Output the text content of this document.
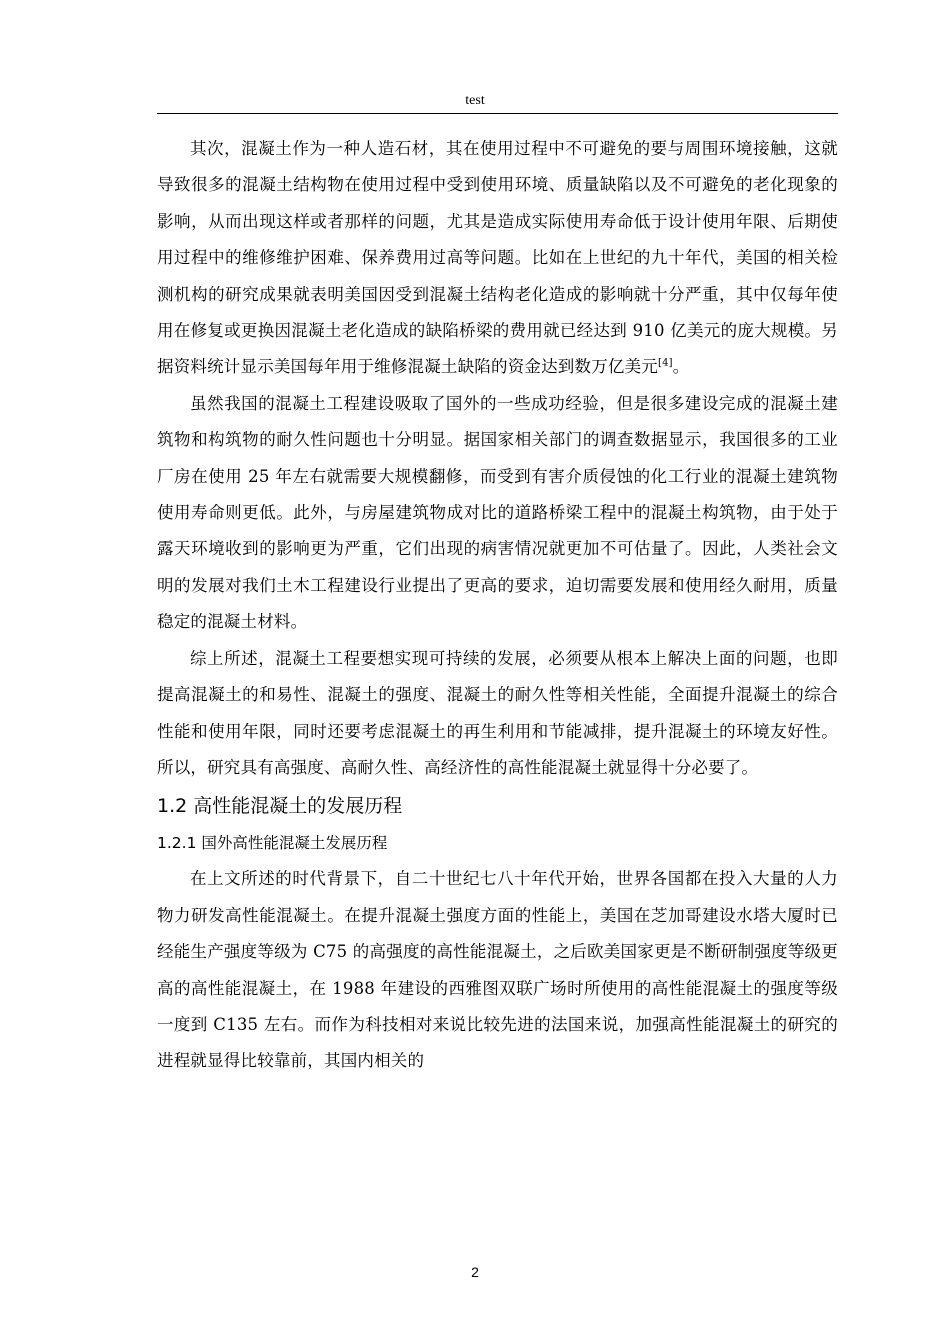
test

其次，混凝土作为一种人造石材，其在使用过程中不可避免的要与周围环境接触，这就导致很多的混凝土结构物在使用过程中受到使用环境、质量缺陷以及不可避免的老化现象的影响，从而出现这样或者那样的问题，尤其是造成实际使用寿命低于设计使用年限、后期使用过程中的维修维护困难、保养费用过高等问题。比如在上世纪的九十年代，美国的相关检测机构的研究成果就表明美国因受到混凝土结构老化造成的影响就十分严重，其中仅每年使用在修复或更换因混凝土老化造成的缺陷桥梁的费用就已经达到 910 亿美元的庞大规模。另据资料统计显示美国每年用于维修混凝土缺陷的资金达到数万亿美元[4]。

虽然我国的混凝土工程建设吸取了国外的一些成功经验，但是很多建设完成的混凝土建筑物和构筑物的耐久性问题也十分明显。据国家相关部门的调查数据显示，我国很多的工业厂房在使用 25 年左右就需要大规模翻修，而受到有害介质侵蚀的化工行业的混凝土建筑物使用寿命则更低。此外，与房屋建筑物成对比的道路桥梁工程中的混凝土构筑物，由于处于露天环境收到的影响更为严重，它们出现的病害情况就更加不可估量了。因此，人类社会文明的发展对我们土木工程建设行业提出了更高的要求，迫切需要发展和使用经久耐用，质量稳定的混凝土材料。

综上所述，混凝土工程要想实现可持续的发展，必须要从根本上解决上面的问题，也即提高混凝土的和易性、混凝土的强度、混凝土的耐久性等相关性能，全面提升混凝土的综合性能和使用年限，同时还要考虑混凝土的再生利用和节能减排，提升混凝土的环境友好性。所以，研究具有高强度、高耐久性、高经济性的高性能混凝土就显得十分必要了。

1.2 高性能混凝土的发展历程
1.2.1 国外高性能混凝土发展历程

在上文所述的时代背景下，自二十世纪七八十年代开始，世界各国都在投入大量的人力物力研发高性能混凝土。在提升混凝土强度方面的性能上，美国在芝加哥建设水塔大厦时已经能生产强度等级为 C75 的高强度的高性能混凝土，之后欧美国家更是不断研制强度等级更高的高性能混凝土，在 1988 年建设的西雅图双联广场时所使用的高性能混凝土的强度等级一度到 C135 左右。而作为科技相对来说比较先进的法国来说，加强高性能混凝土的研究的进程就显得比较靠前，其国内相关的

2
